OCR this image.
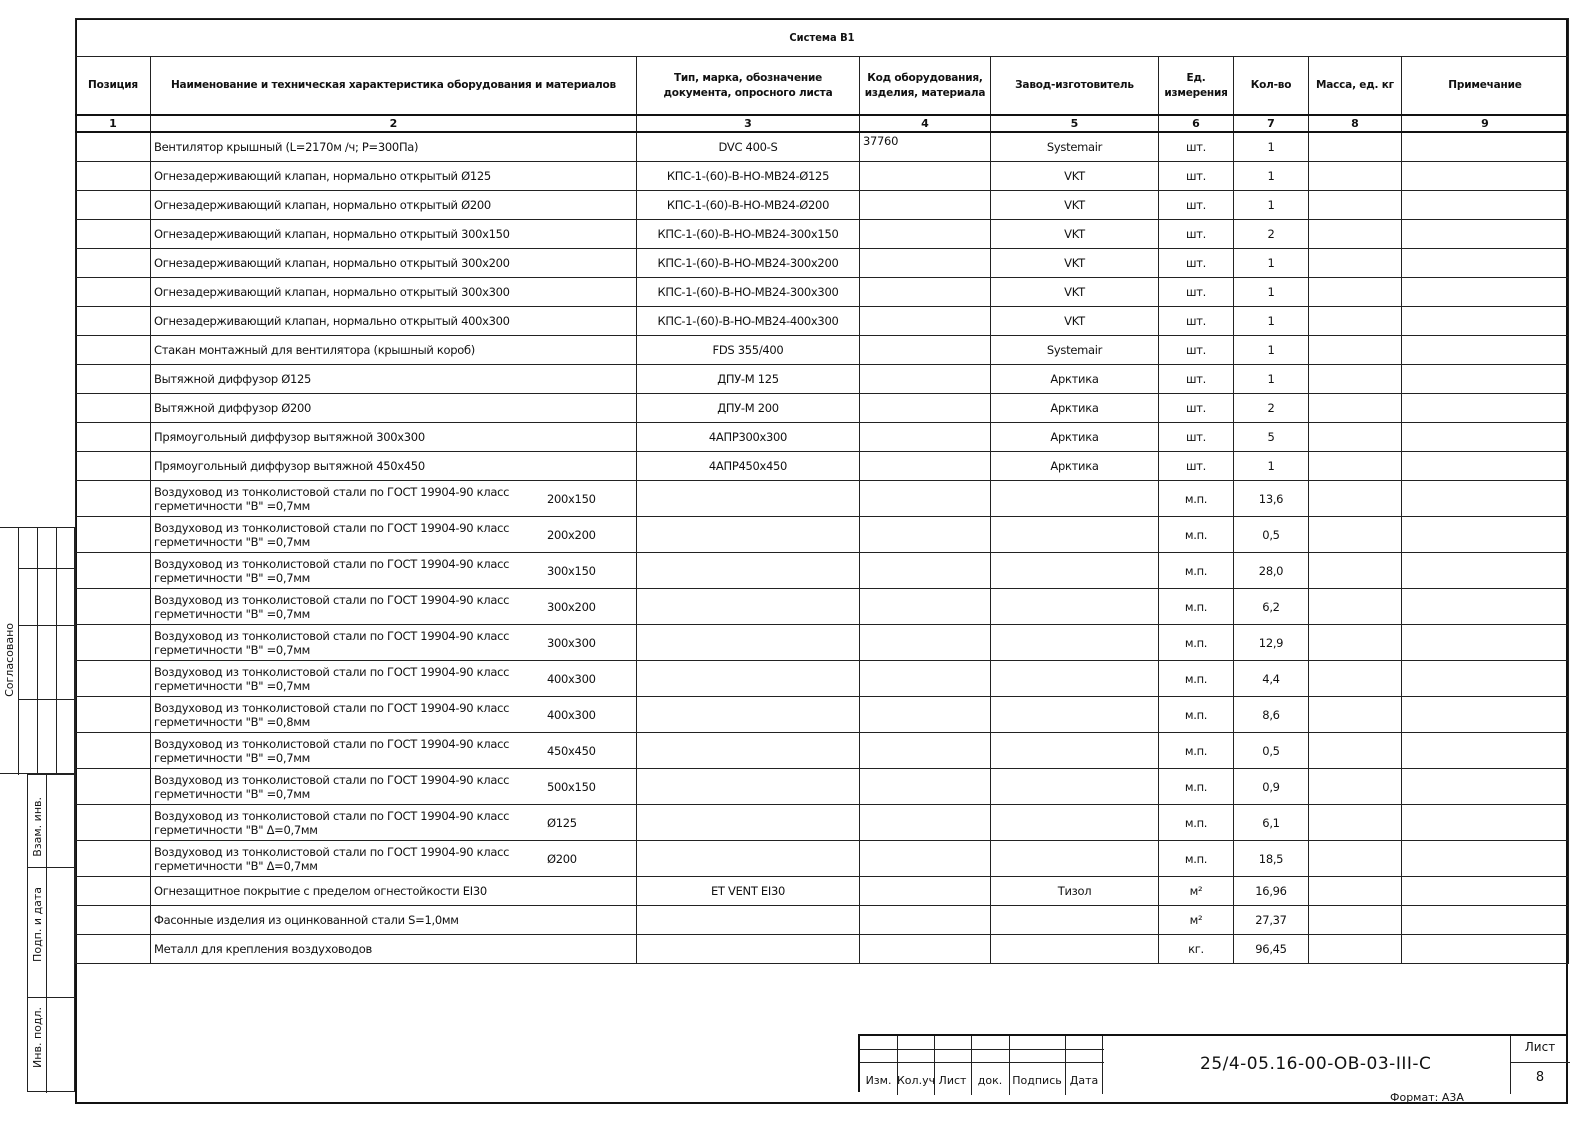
Система В1								
Позиция	Наименование и техническая характеристика оборудования и материалов	Тип, марка, обозначение документа, опросного листа	Код оборудования, изделия, материала	Завод-изготовитель	Ед. измерения	Кол-во	Масса, ед. кг	Примечание
1	2	3	4	5	6	7	8	9

	Вентилятор крышный (L=2170м /ч; P=300Па)	DVC 400-S	37760	Systemair	шт.	1		

	Огнезадерживающий клапан, нормально открытый Ø125	КПС-1-(60)-В-НО-МВ24-Ø125		VKT	шт.	1		

	Огнезадерживающий клапан, нормально открытый Ø200	КПС-1-(60)-В-НО-МВ24-Ø200		VKT	шт.	1		

	Огнезадерживающий клапан, нормально открытый 300х150	КПС-1-(60)-В-НО-МВ24-300х150		VKT	шт.	2		

	Огнезадерживающий клапан, нормально открытый 300х200	КПС-1-(60)-В-НО-МВ24-300х200		VKT	шт.	1		

	Огнезадерживающий клапан, нормально открытый 300х300	КПС-1-(60)-В-НО-МВ24-300х300		VKT	шт.	1		

	Огнезадерживающий клапан, нормально открытый 400х300	КПС-1-(60)-В-НО-МВ24-400х300		VKT	шт.	1		

	Стакан монтажный для вентилятора (крышный короб)	FDS 355/400		Systemair	шт.	1		

	Вытяжной диффузор Ø125	ДПУ-М 125		Арктика	шт.	1		

	Вытяжной диффузор Ø200	ДПУ-М 200		Арктика	шт.	2		

	Прямоугольный диффузор вытяжной 300х300	4АПР300х300		Арктика	шт.	5		

	Прямоугольный диффузор вытяжной 450х450	4АПР450х450		Арктика	шт.	1		

	Воздуховод из тонколистовой стали по ГОСТ 19904-90 класс герметичности "В" =0,7мм 200х150				м.п.	13,6		

	Воздуховод из тонколистовой стали по ГОСТ 19904-90 класс герметичности "В" =0,7мм 200х200				м.п.	0,5		

	Воздуховод из тонколистовой стали по ГОСТ 19904-90 класс герметичности "В" =0,7мм 300х150				м.п.	28,0		

	Воздуховод из тонколистовой стали по ГОСТ 19904-90 класс герметичности "В" =0,7мм 300х200				м.п.	6,2		

	Воздуховод из тонколистовой стали по ГОСТ 19904-90 класс герметичности "В" =0,7мм 300х300				м.п.	12,9		

	Воздуховод из тонколистовой стали по ГОСТ 19904-90 класс герметичности "В" =0,7мм 400х300				м.п.	4,4		

	Воздуховод из тонколистовой стали по ГОСТ 19904-90 класс герметичности "В" =0,8мм 400х300				м.п.	8,6		

	Воздуховод из тонколистовой стали по ГОСТ 19904-90 класс герметичности "В" =0,7мм 450х450				м.п.	0,5		

	Воздуховод из тонколистовой стали по ГОСТ 19904-90 класс герметичности "В" =0,7мм 500х150				м.п.	0,9		

	Воздуховод из тонколистовой стали по ГОСТ 19904-90 класс герметичности "В" Δ=0,7мм Ø125				м.п.	6,1		

	Воздуховод из тонколистовой стали по ГОСТ 19904-90 класс герметичности "В" Δ=0,7мм Ø200				м.п.	18,5		

	Огнезащитное покрытие с пределом огнестойкости EI30	ET VENT EI30		Тизол	м²	16,96		

	Фасонные изделия из оцинкованной стали S=1,0мм				м²	27,37		

	Металл для крепления воздуховодов				кг.	96,45		
Согласовано
Взам. инв.
Подп. и дата
Инв. подл.
Изм. Кол.уч Лист	док. Подпись Дата
Лист
8
25/4-05.16-00-ОВ-03-III-С
Формат: А3А
